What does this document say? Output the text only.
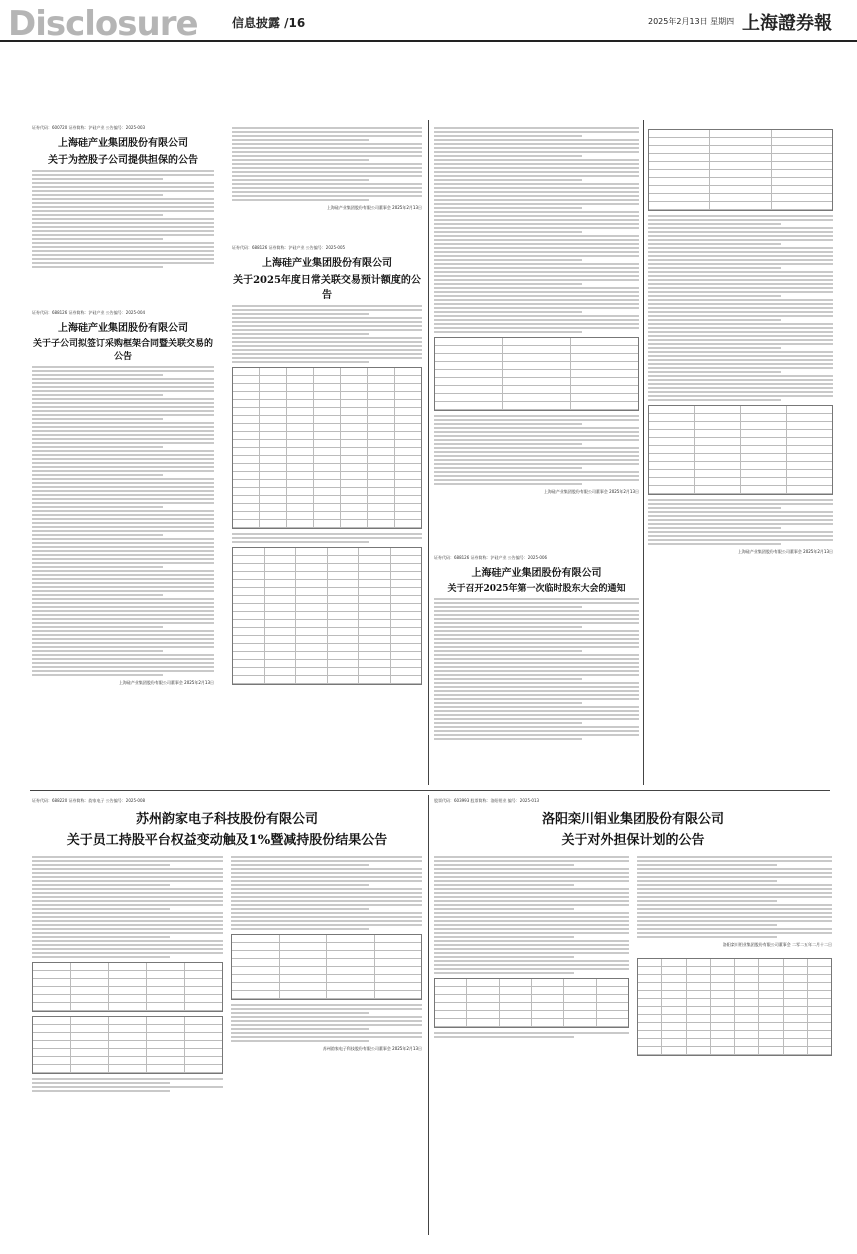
Disclosure	信息披露 /16	2025年2月13日 星期四 上海證券報
证券代码：600720 证券简称：沪硅产业 公告编号：2025-003
上海硅产业集团股份有限公司
关于为控股子公司提供担保的公告
证券代码：688126 证券简称：沪硅产业 公告编号：2025-004
上海硅产业集团股份有限公司
关于子公司拟签订采购框架合同暨关联交易的公告
上海硅产业集团股份有限公司董事会 2025年2月13日
上海硅产业集团股份有限公司董事会 2025年2月13日
证券代码：688126 证券简称：沪硅产业 公告编号：2025-005
上海硅产业集团股份有限公司
关于2025年度日常关联交易预计额度的公告
上海硅产业集团股份有限公司董事会 2025年2月13日
证券代码：688126 证券简称：沪硅产业 公告编号：2025-006
上海硅产业集团股份有限公司
关于召开2025年第一次临时股东大会的通知
上海硅产业集团股份有限公司董事会 2025年2月13日
证券代码：688220 证券简称：韵家电子 公告编号：2025-008
苏州韵家电子科技股份有限公司
关于员工持股平台权益变动触及1%暨减持股份结果公告
苏州韵家电子科技股份有限公司董事会 2025年2月13日
股票代码：603993 股票简称：洛阳钼业 编号：2025-013
洛阳栾川钼业集团股份有限公司
关于对外担保计划的公告
洛阳栾川钼业集团股份有限公司董事会 二零二五年二月十二日
